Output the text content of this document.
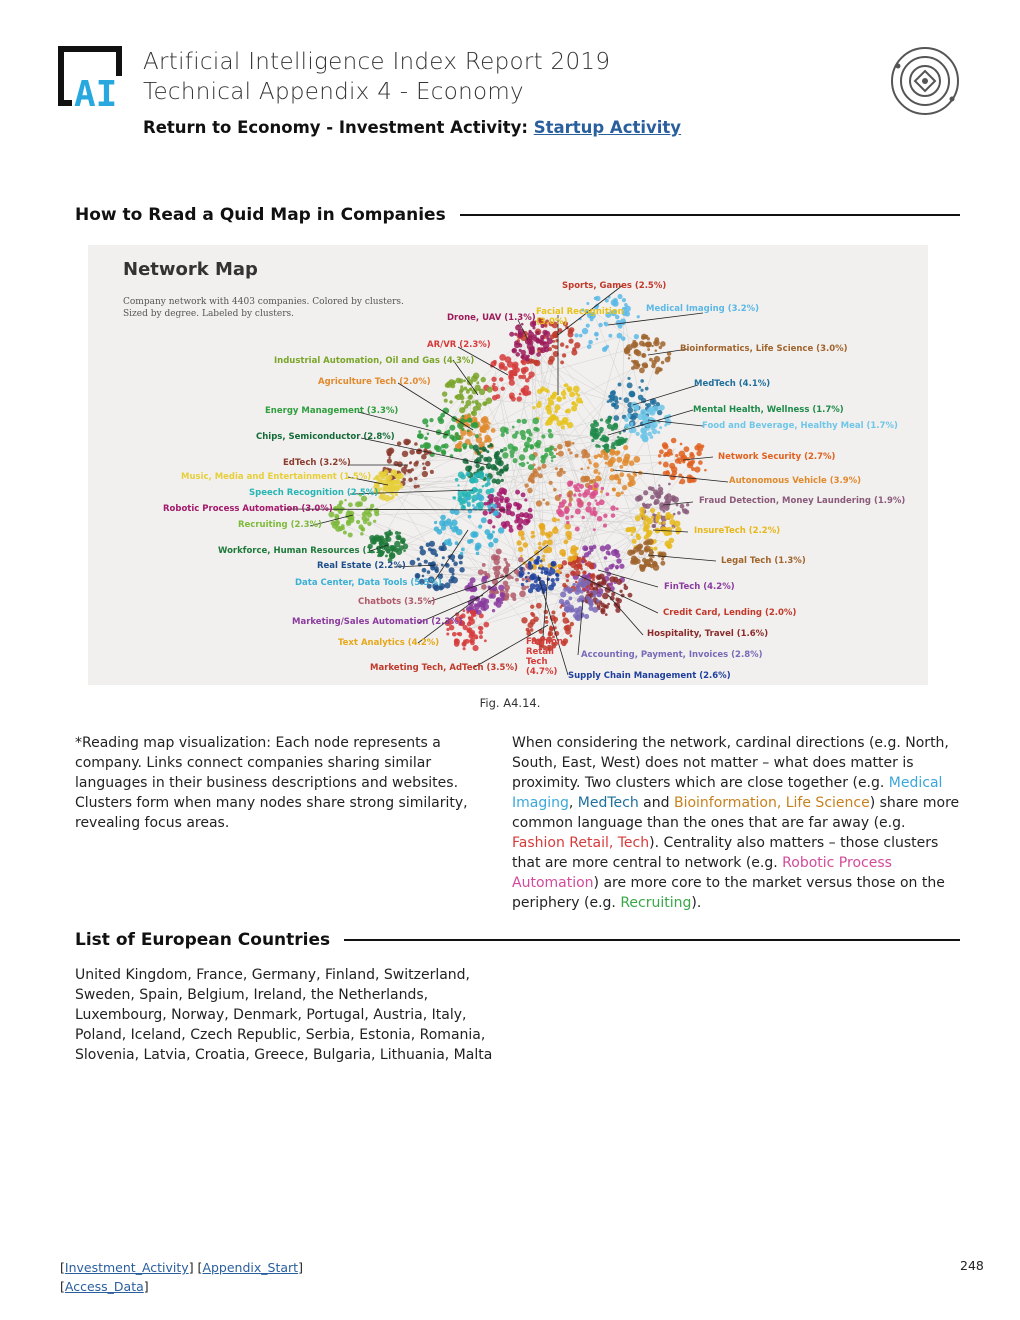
AI
Artificial Intelligence Index Report 2019
Technical Appendix 4 - Economy
Return to Economy - Investment Activity: Startup Activity
How to Read a Quid Map in Companies
Network Map
Company network with 4403 companies. Colored by clusters. Sized by degree. Labeled by clusters.
Sports, Games (2.5%)
Medical Imaging (3.2%)
Drone, UAV (1.3%)
Facial Recognition (3.0%)
AR/VR (2.3%)	Bioinformatics, Life Science (3.0%)
Industrial Automation, Oil and Gas (4.3%)
MedTech (4.1%)
Agriculture Tech (2.0%)
Mental Health, Wellness (1.7%)
Energy Management (3.3%)
Food and Beverage, Healthy Meal (1.7%)
Chips, Semiconductor (2.8%)
Network Security (2.7%)
EdTech (3.2%)
Music, Media and Entertainment (1.5%)	Autonomous Vehicle (3.9%)
Speech Recognition (2.5%)
Fraud Detection, Money Laundering (1.9%)
Robotic Process Automation (3.0%)
Recruiting (2.3%)
InsureTech (2.2%)
Workforce, Human Resources (1.1%)
Legal Tech (1.3%)
Real Estate (2.2%)
Data Center, Data Tools (5.5%)	FinTech (4.2%)
Chatbots (3.5%)
Credit Card, Lending (2.0%)
Marketing/Sales Automation (2.3%)
Hospitality, Travel (1.6%)
Text Analytics (4.2%)	Fashion, Retail Tech (4.7%)
Accounting, Payment, Invoices (2.8%)
Marketing Tech, AdTech (3.5%)
Supply Chain Management (2.6%)
Fig. A4.14.
*Reading map visualization: Each node represents a company. Links connect companies sharing similar languages in their business descriptions and websites. Clusters form when many nodes share strong similarity, revealing focus areas.
When considering the network, cardinal directions (e.g. North, South, East, West) does not matter – what does matter is proximity. Two clusters which are close together (e.g. Medical Imaging, MedTech and Bioinformation, Life Science) share more common language than the ones that are far away (e.g. Fashion Retail, Tech). Centrality also matters – those clusters that are more central to network (e.g. Robotic Process Automation) are more core to the market versus those on the periphery (e.g. Recruiting).
List of European Countries
United Kingdom, France, Germany, Finland, Switzerland, Sweden, Spain, Belgium, Ireland, the Netherlands, Luxembourg, Norway, Denmark, Portugal, Austria, Italy, Poland, Iceland, Czech Republic, Serbia, Estonia, Romania, Slovenia, Latvia, Croatia, Greece, Bulgaria, Lithuania, Malta
[Investment_Activity] [Appendix_Start]
[Access_Data]
248
